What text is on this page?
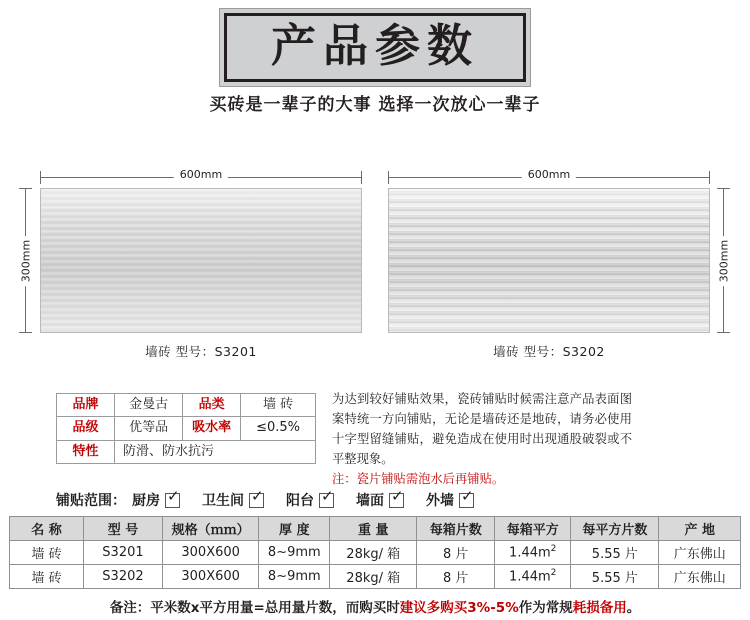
产品参数
买砖是一辈子的大事 选择一次放心一辈子
600mm
300mm
墙砖 型号：S3201
600mm
300mm
墙砖 型号：S3202
品牌	金曼古	品类	墙 砖
品级	优等品	吸水率	≤0.5%
特性	防滑、防水抗污		
为达到较好铺贴效果，瓷砖铺贴时候需注意产品表面图案特统一方向铺贴，无论是墙砖还是地砖，请务必使用十字型留缝铺贴，避免造成在使用时出现通股破裂或不平整现象。
注：瓷片铺贴需泡水后再铺贴。
铺贴范围： 厨房 ✓	卫生间 ✓	阳台 ✓	墙面 ✓	外墙
✓
名 称	型 号	规格（ｍｍ）	厚 度	重 量	每箱片数	每箱平方	每平方片数	产 地
墙 砖	S3201	300X600	8~9mm	28kg/ 箱	8 片	$1.44m^2$	5.55 片	广东佛山
墙 砖	S3202	300X600	8~9mm	28kg/ 箱	8 片	$1.44m^2$	5.55 片	广东佛山
备注：平米数x平方用量=总用量片数，而购买时建议多购买3%-5%作为常规耗损备用。
